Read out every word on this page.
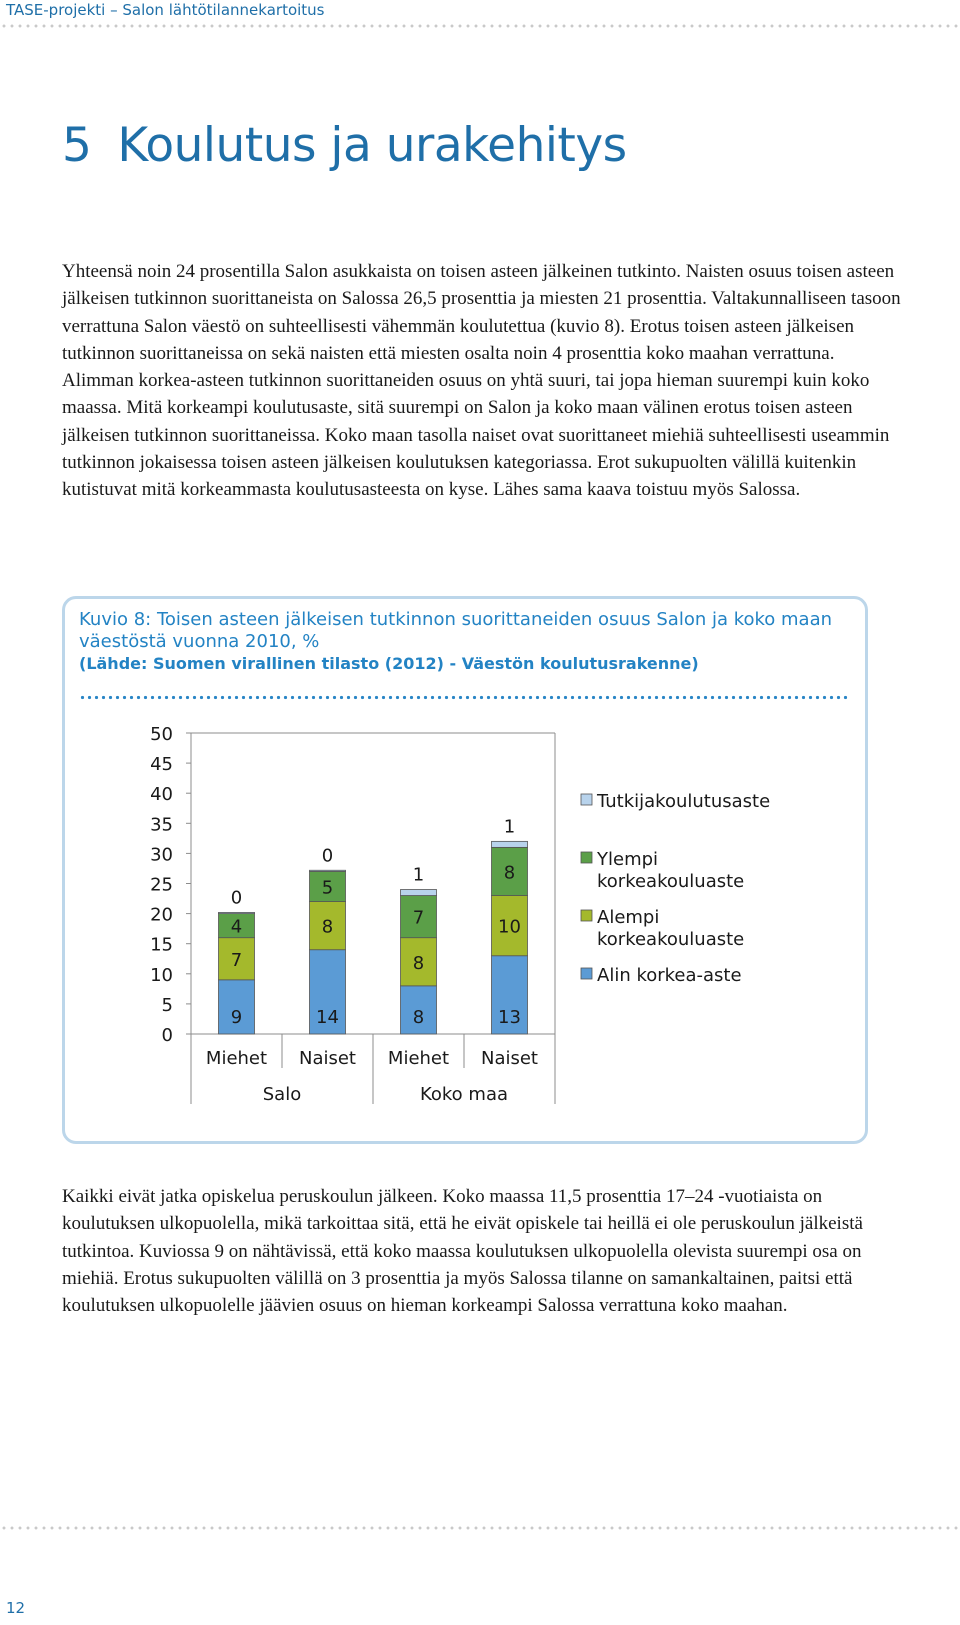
TASE-projekti – Salon lähtötilannekartoitus
5 Koulutus ja urakehitys

Yhteensä noin 24 prosentilla Salon asukkaista on toisen asteen jälkeinen tutkinto. Naisten osuus toisen asteen jälkeisen tutkinnon suorittaneista on Salossa 26,5 prosenttia ja miesten 21 prosenttia. Valtakunnalliseen tasoon verrattuna Salon väestö on suhteellisesti vähemmän koulutettua (kuvio 8). Erotus toisen asteen jälkeisen tutkinnon suorittaneissa on sekä naisten että miesten osalta noin 4 prosenttia koko maahan verrattuna. Alimman korkea-asteen tutkinnon suorittaneiden osuus on yhtä suuri, tai jopa hieman suurempi kuin koko maassa. Mitä korkeampi koulutusaste, sitä suurempi on Salon ja koko maan välinen erotus toisen asteen jälkeisen tutkinnon suorittaneissa. Koko maan tasolla naiset ovat suorittaneet miehiä suhteellisesti useammin tutkinnon jokaisessa toisen asteen jälkeisen koulutuksen kategoriassa. Erot sukupuolten välillä kuitenkin kutistuvat mitä korkeammasta koulutusasteesta on kyse. Lähes sama kaava toistuu myös Salossa.

Kuvio 8: Toisen asteen jälkeisen tutkinnon suorittaneiden osuus Salon ja koko maan väestöstä vuonna 2010, %
(Lähde: Suomen virallinen tilasto (2012) - Väestön koulutusrakenne)
0
5
10
15
20
25
30
35
40
45
50
9
7
4
0
Miehet
14
8
5
0
Naiset
8
8
7
1
Miehet
13
10
8
1
Naiset
Salo	Koko maa
Tutkijakoulutusaste
Ylempi
korkeakouluaste
Alempi
korkeakouluaste
Alin korkea-aste

Kaikki eivät jatka opiskelua peruskoulun jälkeen. Koko maassa 11,5 prosenttia 17–24 -vuotiaista on koulutuksen ulkopuolella, mikä tarkoittaa sitä, että he eivät opiskele tai heillä ei ole peruskoulun jälkeistä tutkintoa. Kuviossa 9 on nähtävissä, että koko maassa koulutuksen ulkopuolella olevista suurempi osa on miehiä. Erotus sukupuolten välillä on 3 prosenttia ja myös Salossa tilanne on samankaltainen, paitsi että koulutuksen ulkopuolelle jäävien osuus on hieman korkeampi Salossa verrattuna koko maahan.

12
